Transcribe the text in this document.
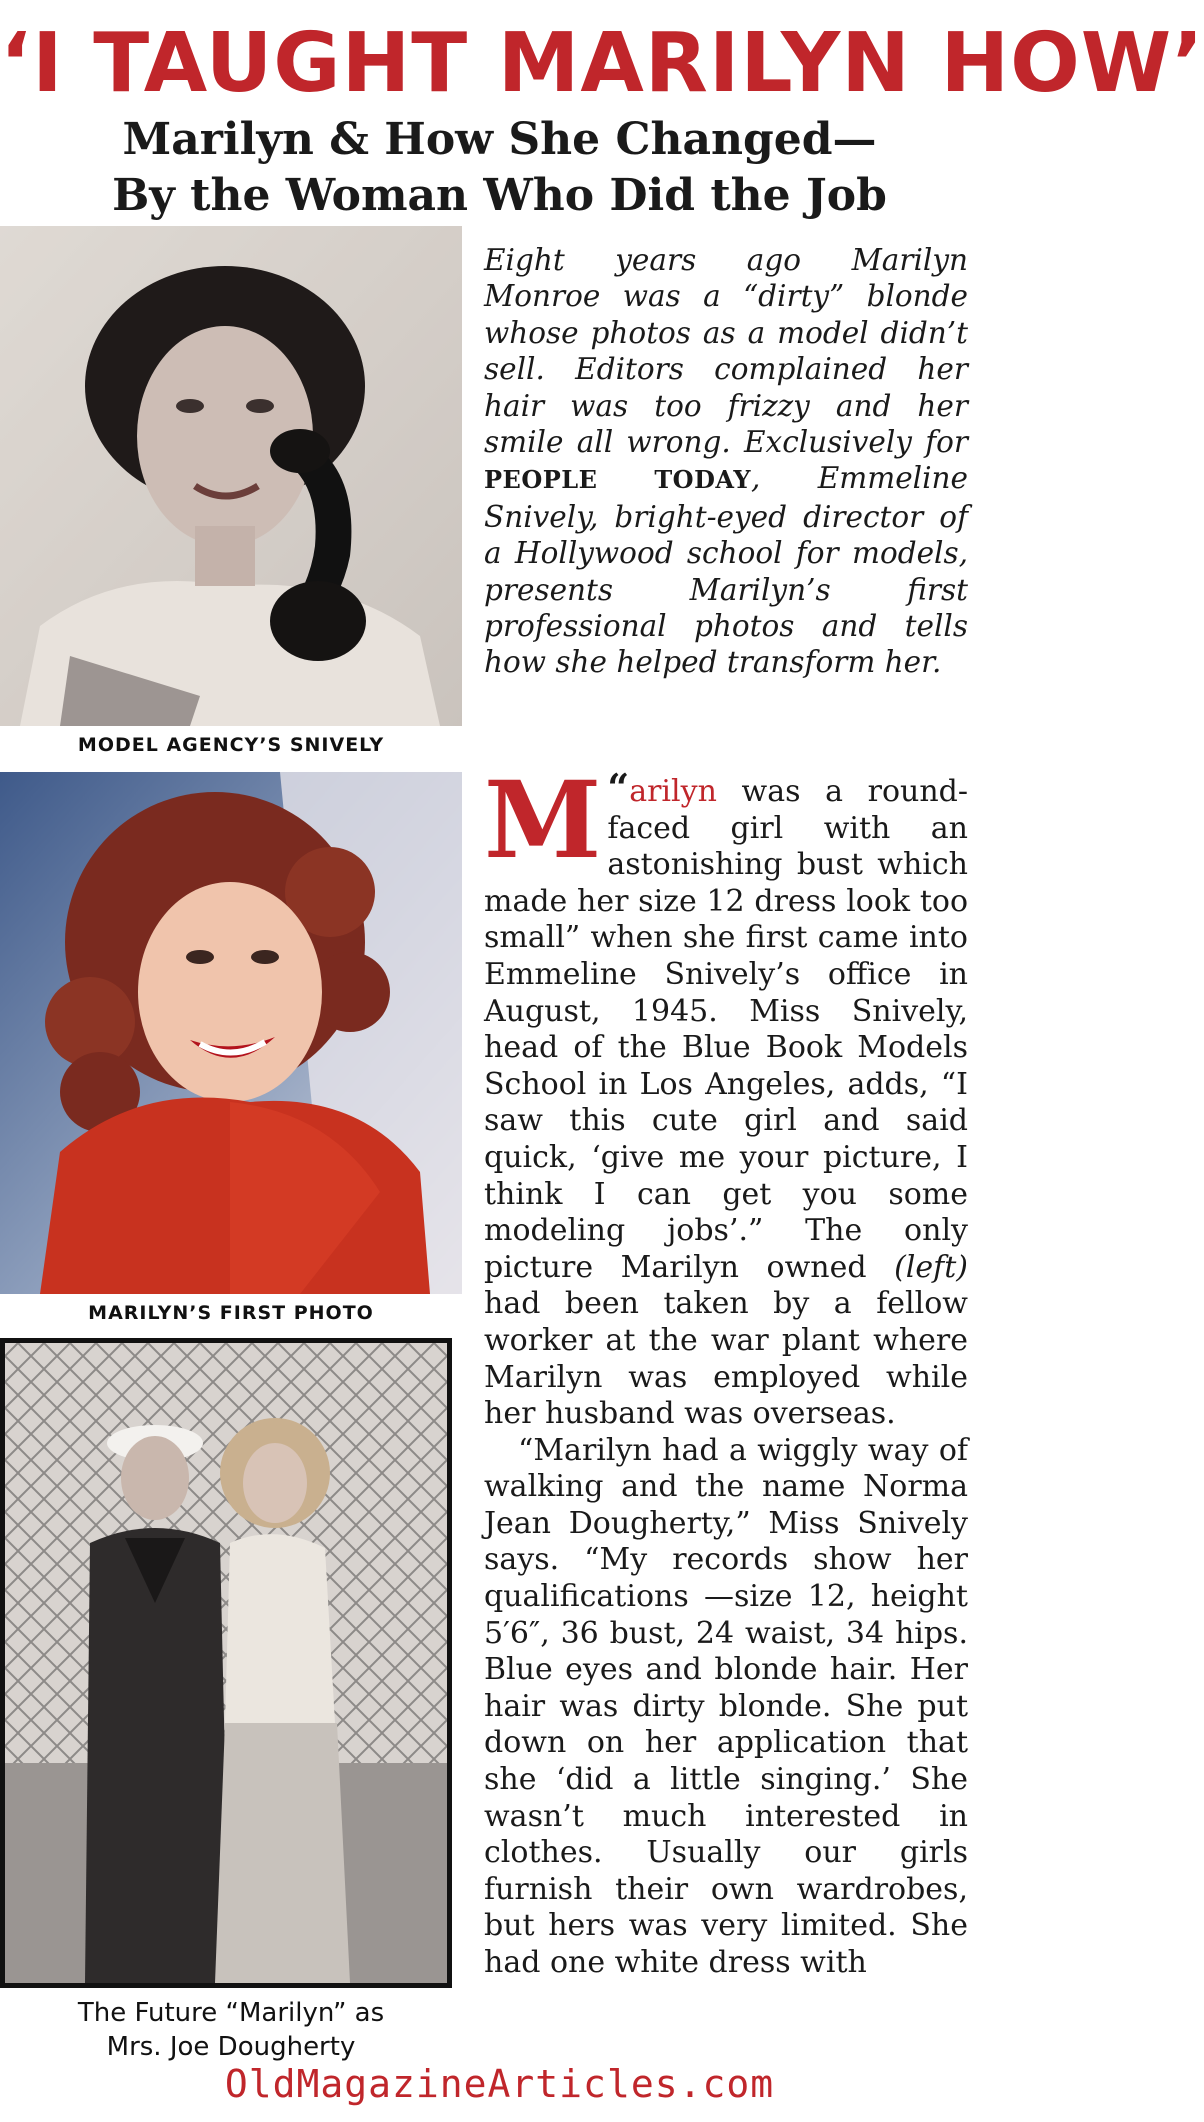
‘I TAUGHT MARILYN HOW’
Marilyn & How She Changed—
By the Woman Who Did the Job
MODEL AGENCY’S SNIVELY
MARILYN’S FIRST PHOTO
The Future “Marilyn” as
Mrs. Joe Dougherty

Eight years ago Marilyn Monroe was a “dirty” blonde whose photos as a model didn’t sell. Editors complained her hair was too frizzy and her smile all wrong. Exclusively for PEOPLE TODAY, Emmeline Snively, bright-eyed director of a Hollywood school for models, presents Marilyn’s first professional photos and tells how she helped transform her.

“
M arilyn was a round-faced girl with an astonishing bust which made her size 12 dress look too small” when she first came into Emmeline Snively’s office in August, 1945. Miss Snively, head of the Blue Book Models School in Los Angeles, adds, “I saw this cute girl and said quick, ‘give me your picture, I think I can get you some modeling jobs’.” The only picture Marilyn owned (left) had been taken by a fellow worker at the war plant where Marilyn was employed while her husband was overseas.

“Marilyn had a wiggly way of walking and the name Norma Jean Dougherty,” Miss Snively says. “My records show her qualifications —size 12, height 5′6″, 36 bust, 24 waist, 34 hips. Blue eyes and blonde hair. Her hair was dirty blonde. She put down on her application that she ‘did a little singing.’ She wasn’t much interested in clothes. Usually our girls furnish their own wardrobes, but hers was very limited. She had one white dress with

OldMagazineArticles.com
